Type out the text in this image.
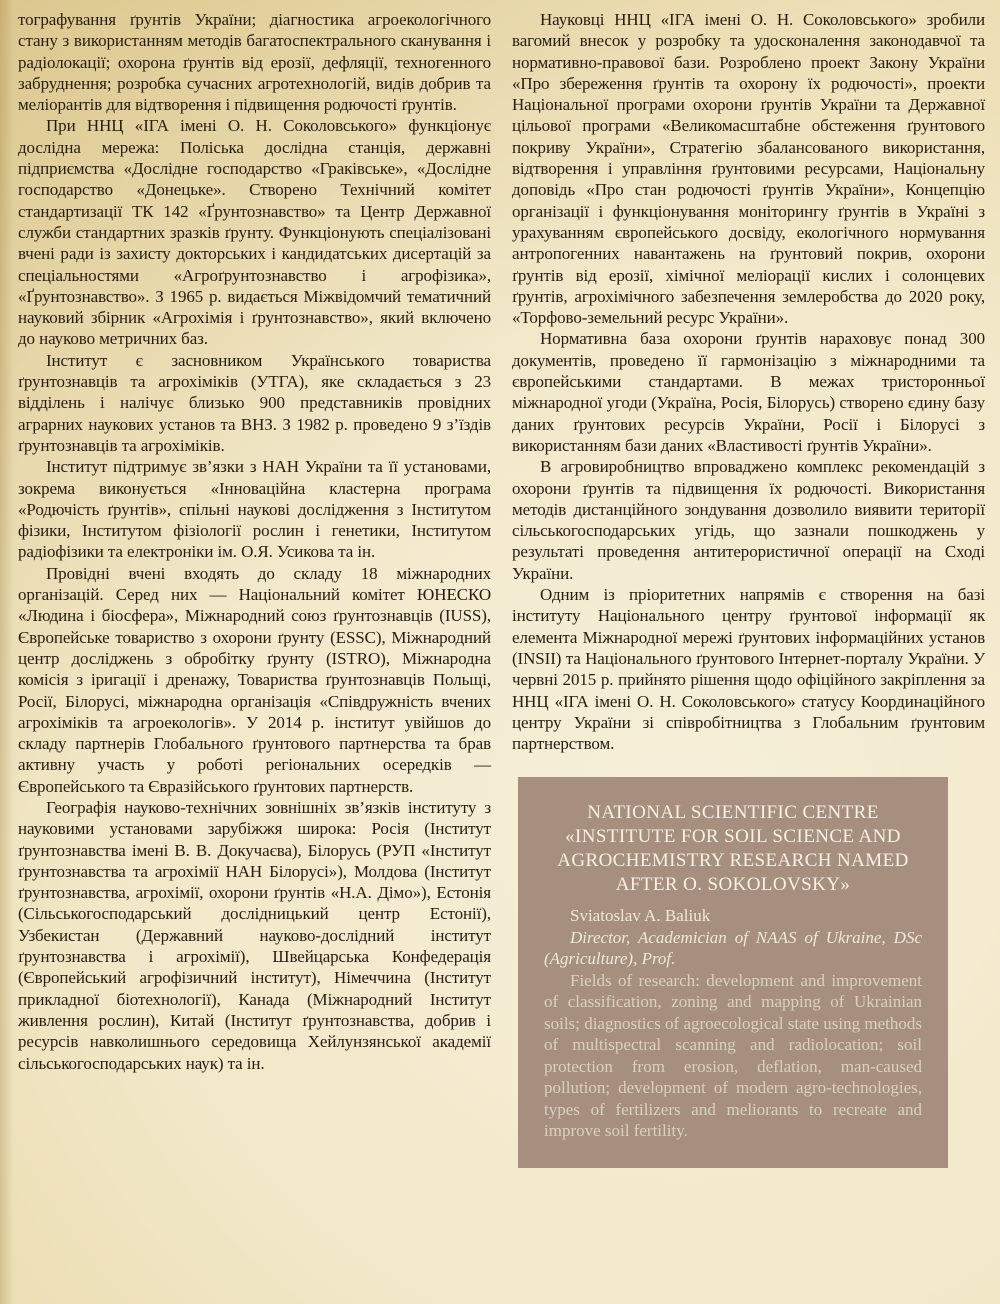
тографування ґрунтів України; діагностика агроекологічного стану з використанням методів багатоспектрального сканування і радіолокації; охорона ґрунтів від ерозії, дефляції, техногенного забруднення; розробка сучасних агротехнологій, видів добрив та меліорантів для відтворення і підвищення родючості ґрунтів.

При ННЦ «ІГА імені О. Н. Соколовського» функціонує дослідна мережа: Поліська дослідна станція, державні підприємства «Дослідне господарство «Граківське», «Дослідне господарство «Донецьке». Створено Технічний комітет стандартизації ТК 142 «Ґрунтознавство» та Центр Державної служби стандартних зразків ґрунту. Функціонують спеціалізовані вчені ради із захисту докторських і кандидатських дисертацій за спеціальностями «Агроґрунтознавство і агрофізика», «Ґрунтознавство». З 1965 р. видається Міжвідомчий тематичний науковий збірник «Агрохімія і ґрунтознавство», який включено до науково метричних баз.

Інститут є засновником Українського товариства ґрунтознавців та агрохіміків (УТГА), яке складається з 23 відділень і налічує близько 900 представників провідних аграрних наукових установ та ВНЗ. З 1982 р. проведено 9 з’їздів ґрунтознавців та агрохіміків.

Інститут підтримує зв’язки з НАН України та її установами, зокрема виконується «Інноваційна кластерна програма «Родючість ґрунтів», спільні наукові дослідження з Інститутом фізики, Інститутом фізіології рослин і генетики, Інститутом радіофізики та електроніки ім. О.Я. Усикова та ін.

Провідні вчені входять до складу 18 міжнародних організацій. Серед них — Національний комітет ЮНЕСКО «Людина і біосфера», Міжнародний союз ґрунтознавців (IUSS), Європейське товариство з охорони ґрунту (ESSC), Міжнародний центр досліджень з обробітку ґрунту (ISTRO), Міжнародна комісія з іригації і дренажу, Товариства ґрунтознавців Польщі, Росії, Білорусі, міжнародна організація «Співдружність вчених агрохіміків та агроекологів». У 2014 р. інститут увійшов до складу партнерів Глобального ґрунтового партнерства та брав активну участь у роботі регіональних осередків — Європейського та Євразійського ґрунтових партнерств.

Географія науково-технічних зовнішніх зв’язків інституту з науковими установами зарубіжжя широка: Росія (Інститут ґрунтознавства імені В. В. Докучаєва), Білорусь (РУП «Інститут ґрунтознавства та агрохімії НАН Білорусі»), Молдова (Інститут ґрунтознавства, агрохімії, охорони ґрунтів «Н.А. Дімо»), Естонія (Сільськогосподарський дослідницький центр Естонії), Узбекистан (Державний науково-дослідний інститут ґрунтознавства і агрохімії), Швейцарська Конфедерація (Європейський агрофізичний інститут), Німеччина (Інститут прикладної біотехнології), Канада (Міжнародний Інститут живлення рослин), Китай (Інститут ґрунтознавства, добрив і ресурсів навколишнього середовища Хейлунзянської академії сільськогосподарських наук) та ін.

Науковці ННЦ «ІГА імені О. Н. Соколовського» зробили вагомий внесок у розробку та удосконалення законодавчої та нормативно-правової бази. Розроблено проект Закону України «Про збереження ґрунтів та охорону їх родючості», проекти Національної програми охорони ґрунтів України та Державної цільової програми «Великомасштабне обстеження ґрунтового покриву України», Стратегію збалансованого використання, відтворення і управління ґрунтовими ресурсами, Національну доповідь «Про стан родючості ґрунтів України», Концепцію організації і функціонування моніторингу ґрунтів в Україні з урахуванням європейського досвіду, екологічного нормування антропогенних навантажень на ґрунтовий покрив, охорони ґрунтів від ерозії, хімічної меліорації кислих і солонцевих ґрунтів, агрохімічного забезпечення землеробства до 2020 року, «Торфово-земельний ресурс України».

Нормативна база охорони ґрунтів нараховує понад 300 документів, проведено її гармонізацію з міжнародними та європейськими стандартами. В межах тристоронньої міжнародної угоди (Україна, Росія, Білорусь) створено єдину базу даних ґрунтових ресурсів України, Росії і Білорусі з використанням бази даних «Властивості ґрунтів України».

В агровиробництво впроваджено комплекс рекомендацій з охорони ґрунтів та підвищення їх родючості. Використання методів дистанційного зондування дозволило виявити території сільськогосподарських угідь, що зазнали пошкоджень у результаті проведення антитерористичної операції на Сході України.

Одним із пріоритетних напрямів є створення на базі інституту Національного центру ґрунтової інформації як елемента Міжнародної мережі ґрунтових інформаційних установ (INSII) та Національного ґрунтового Інтернет-порталу України. У червні 2015 р. прийнято рішення щодо офіційного закріплення за ННЦ «ІГА імені О. Н. Соколовського» статусу Координаційного центру України зі співробітництва з Глобальним ґрунтовим партнерством.

NATIONAL SCIENTIFIC CENTRE «INSTITUTE FOR SOIL SCIENCE AND AGROCHEMISTRY RESEARCH NAMED AFTER O. SOKOLOVSKY»
Sviatoslav A. Baliuk
Director, Academician of NAAS of Ukraine, DSc (Agriculture), Prof.

Fields of research: development and improvement of classification, zoning and mapping of Ukrainian soils; diagnostics of agroecological state using methods of multispectral scanning and radiolocation; soil protection from erosion, deflation, man-caused pollution; development of modern agro-technologies, types of fertilizers and meliorants to recreate and improve soil fertility.
